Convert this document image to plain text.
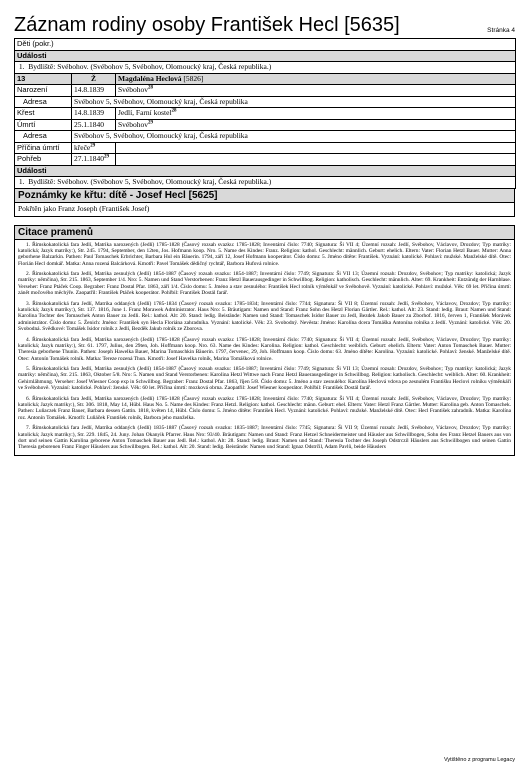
Záznam rodiny osoby František Hecl [5635]	Stránka 4
Děti (pokr.)		
Události		
1. Bydliště: Svébohov. (Svébohov 5, Svébohov, Olomoucký kraj, Česká republika.)		
13	Ž	Magdaléna Heclová [5826]
Narození	14.8.1839	Svébohov$^{28}$
Adresa	Svébohov 5, Svébohov, Olomoucký kraj, Česká republika	
Křest	14.8.1839	Jedlí, Farní kostel$^{28}$
Úmrtí	25.1.1840	Svébohov$^{29}$
Adresa	Svébohov 5, Svébohov, Olomoucký kraj, Česká republika	
Příčina úmrtí	křeče$^{29}$	
Pohřeb	27.1.1840$^{29}$	
Události		
1. Bydliště: Svébohov. (Svébohov 5, Svébohov, Olomoucký kraj, Česká republika.)		
Poznámky ke křtu: dítě - Josef Hecl [5625]
Pokřtěn jako Franz Joseph (František Josef)
Citace pramenů

1. Římskokatolická fara Jedlí, Matrika narozených (Jedlí) 1785-1828 (Časový rozsah svazku: 1785-1828; Inventární číslo: 7740; Signatura: Ši VII 4; Územní rozsah: Jedlí, Svébohov, Václavov, Drozdov; Typ matriky: katolická; Jazyk matriky:), Str. 245. 1794, September, den 12ten, Jos. Hofmann koop. Nro. 5. Name des Kindes: Franz. Religion: kathol. Geschlecht: männlich. Geburt: ehelich. Eltern: Vater: Florian Hetzl Bauer. Mutter: Anna geborhene Balzarkin. Pathen: Paul Tomaschek Erbrichter, Barbara Hul ein Bäuerin. 1794, září 12, Josef Hofmann kooperátor. Číslo domu: 5. Jméno dítěte: František. Vyznání: katolické. Pohlaví: mužské. Manželské dítě. Otec: Florián Hecl domkář. Matka: Anna rozená Balcárková. Kmotři: Pavel Tomášek dědičný rychtář, Barbora Hufová rolnice.

2. Římskokatolická fara Jedlí, Matrika zesnulých (Jedlí) 1854-1887 (Časový rozsah svazku: 1854-1887; Inventární číslo: 7749; Signatura: Ši VII 13; Územní rozsah: Drozdov, Svébohov; Typ matriky: katolická; Jazyk matriky: němčina), Str. 215. 1863, September 1/4. Nro: 5. Namen und Stand Verstorbenen: Franz Hetzl Bauerausgedinger in Schwillbog. Religion: katholisch. Geschlecht: männlich. Alter: 69. Krankheit: Entzündg der Harnblase. Verseher: Franz Ptáček Coop. Begraber: Franz Dostal Pfar. 1863, září 1/4. Číslo domu: 5. Jméno a stav zesnulého: František Hecl rolník výměnkář ve Svébohově. Vyznání: katolické. Pohlaví: mužské. Věk: 69 let. Příčina úmrtí: zánět močového měchýře. Zaopatřil: František Ptáček kooperátor. Pohřbil: František Dostál farář.

3. Římskokatolická fara Jedlí, Matrika oddaných (Jedlí) 1785-1834 (Časový rozsah svazku: 1785-1834; Inventární číslo: 7744; Signatura: Ši VII 8; Územní rozsah: Jedlí, Svébohov, Václavov, Drozdov; Typ matriky: katolická; Jazyk matriky:), Str. 137. 1816, June 1. Franz Morawek Administrator. Haus Nro: 5. Bräutigam: Namen und Stand: Franz Sohn des Hetzl Florian Gärtler. Rel.: kathol. Alt: 23. Stand: ledig. Braut: Namen und Stand: Karolina Tochter des Tomaschek Anton Bauer zu Jedli. Rel.: kathol. Alt: 20. Stand: ledig. Beistände: Namen und Stand: Tomaschek Isidor Bauer zu Jedl, Bezdek Jakob Bauer zu Zborhof. 1816, červen 1, František Morávek administrátor. Číslo domu: 5. Ženich: Jméno: František syn Hecla Floriána zahradníka. Vyznání: katolické. Věk: 23. Svobodný. Nevěsta: Jméno: Karolína dcera Tomáška Antonína rolníka z Jedlí. Vyznání: katolické. Věk: 20. Svobodná. Svědkové: Tomášek Isidor rolník z Jedlí, Bezděk Jakub rolník ze Zborova.

4. Římskokatolická fara Jedlí, Matrika narozených (Jedlí) 1785-1828 (Časový rozsah svazku: 1785-1828; Inventární číslo: 7740; Signatura: Ši VII 4; Územní rozsah: Jedlí, Svébohov, Václavov, Drozdov; Typ matriky: katolická; Jazyk matriky:), Str. 61. 1797, Julius, den 29ten, Joh. Hoffmann koop. Nro. 63. Name des Kindes: Karolina. Religion: kathol. Geschlecht: weiblich. Geburt: ehelich. Eltern: Vater: Anton Tomaschek Bauer. Mutter: Theresia geborhene Thunin. Pathen: Joseph Hawelka Bauer, Marina Tomaschkin Bäuerin. 1797, červenec, 29, Joh. Hoffmann koop. Číslo domu: 63. Jméno dítěte: Karolína. Vyznání: katolické. Pohlaví: ženské. Manželské dítě. Otec: Antonín Tomášek rolník. Matka: Tereze rozená Thun. Kmotři: Josef Havelka rolník, Marina Tomášková rolnice.

5. Římskokatolická fara Jedlí, Matrika zesnulých (Jedlí) 1854-1887 (Časový rozsah svazku: 1854-1887; Inventární číslo: 7749; Signatura: Ši VII 13; Územní rozsah: Drozdov, Svébohov; Typ matriky: katolická; Jazyk matriky: němčina), Str. 215. 1863, Oktober 5/8. Nro: 5. Namen und Stand Verstorbenen: Karolina Hetzl Wittwe nach Franz Hetzl Bauerausgedinger in Schwillbog. Religion: katholisch. Geschlecht: weiblich. Alter: 60. Krankheit: Gehirnlähmung. Verseher: Josef Wiesner Coop exp in Schwillbog. Begraber: Franz Dostal Pfar. 1863, říjen 5/8. Číslo domu: 5. Jméno a stav zesnulého: Karolína Heclová vdova po zesnulém Františku Heclovi rolníku výměnkáři ve Svébohově. Vyznání: katolické. Pohlaví: ženské. Věk: 60 let. Příčina úmrtí: mozková obrna. Zaopatřil: Josef Wiesner kooperátor. Pohřbil: František Dostál farář.

6. Římskokatolická fara Jedlí, Matrika narozených (Jedlí) 1785-1828 (Časový rozsah svazku: 1785-1828; Inventární číslo: 7740; Signatura: Ši VII 4; Územní rozsah: Jedlí, Svébohov, Václavov, Drozdov; Typ matriky: katolická; Jazyk matriky:), Str. 306. 1818, May 14, Hübl. Haus No. 5. Name des Kindes: Franz Hetzl. Religion: kathol. Geschlecht: männ. Geburt: ehel. Eltern: Vater: Hetzl Franz Gärtler. Mutter: Karolina geb. Anton Tomaschek. Pathen: Luňaczek Franz Bauer, Barbara dessen Gattin. 1818, květen 14, Hübl. Číslo domu: 5. Jméno dítěte: František Hecl. Vyznání: katolické. Pohlaví: mužské. Manželské dítě. Otec: Hecl František zahradník. Matka: Karolína roz. Antonín Tomášek. Kmotři: Luňáček František rolník, Barbora jeho manželka.

7. Římskokatolická fara Jedlí, Matrika oddaných (Jedlí) 1835-1887 (Časový rozsah svazku: 1835-1887; Inventární číslo: 7745; Signatura: Ši VII 9; Územní rozsah: Jedlí, Svébohov, Václavov, Drozdov; Typ matriky: katolická; Jazyk matriky:), Str. 229. 1845, 24. Juny. Johan Okanyik Pfarrer. Haus Nro: 93/40. Bräutigam: Namen und Stand: Franz Hetzel Schneidermeister und Häusler aus Schwillbogen, Sohn des Franz Hetzel Bauers aus von dort und seinen Gattin Karolina geborene Anton Tomaschek Bauer aus Jedl. Rel.: kathol. Alt: 28. Stand: ledig. Braut: Namen und Stand: Theresia Tochter des Joseph Odstrczil Häuslers aus Schwillbogen und seinen Gattin Theresia geborenen Franz Finger Häuslers aus Schwillbogen. Rel.: kathol. Alt: 20. Stand: ledig. Beistände: Namen und Stand: Ignaz Odstrčil, Adam Pavlů, beide Häuslers

Vytištěno z programu Legacy
